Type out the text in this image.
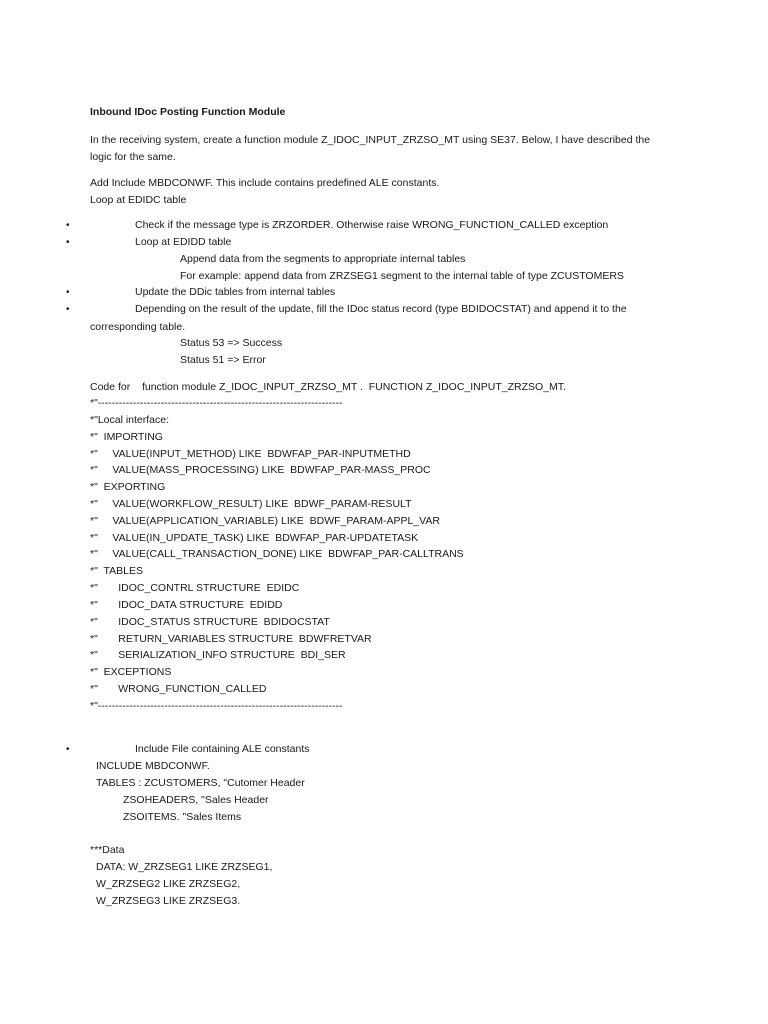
Inbound IDoc Posting Function Module
In the receiving system, create a function module Z_IDOC_INPUT_ZRZSO_MT using SE37. Below, I have described the
logic for the same.
Add Include MBDCONWF. This include contains predefined ALE constants.
Loop at EDIDC table
•	Check if the message type is ZRZORDER. Otherwise raise WRONG_FUNCTION_CALLED exception
•	Loop at EDIDD table
Append data from the segments to appropriate internal tables
For example: append data from ZRZSEG1 segment to the internal table of type ZCUSTOMERS
•	Update the DDic tables from internal tables
•	Depending on the result of the update, fill the IDoc status record (type BDIDOCSTAT) and append it to the
corresponding table.
Status 53 => Success
Status 51 => Error
Code for    function module Z_IDOC_INPUT_ZRZSO_MT .  FUNCTION Z_IDOC_INPUT_ZRZSO_MT.
*"----------------------------------------------------------------------
*"Local interface:
*"  IMPORTING
*"     VALUE(INPUT_METHOD) LIKE  BDWFAP_PAR-INPUTMETHD
*"     VALUE(MASS_PROCESSING) LIKE  BDWFAP_PAR-MASS_PROC
*"  EXPORTING
*"     VALUE(WORKFLOW_RESULT) LIKE  BDWF_PARAM-RESULT
*"     VALUE(APPLICATION_VARIABLE) LIKE  BDWF_PARAM-APPL_VAR
*"     VALUE(IN_UPDATE_TASK) LIKE  BDWFAP_PAR-UPDATETASK
*"     VALUE(CALL_TRANSACTION_DONE) LIKE  BDWFAP_PAR-CALLTRANS
*"  TABLES
*"       IDOC_CONTRL STRUCTURE  EDIDC
*"       IDOC_DATA STRUCTURE  EDIDD
*"       IDOC_STATUS STRUCTURE  BDIDOCSTAT
*"       RETURN_VARIABLES STRUCTURE  BDWFRETVAR
*"       SERIALIZATION_INFO STRUCTURE  BDI_SER
*"  EXCEPTIONS
*"       WRONG_FUNCTION_CALLED
*"----------------------------------------------------------------------
•	Include File containing ALE constants
INCLUDE MBDCONWF.
TABLES : ZCUSTOMERS, "Cutomer Header
ZSOHEADERS, "Sales Header
ZSOITEMS. "Sales Items
***Data
DATA: W_ZRZSEG1 LIKE ZRZSEG1,
W_ZRZSEG2 LIKE ZRZSEG2,
W_ZRZSEG3 LIKE ZRZSEG3.
